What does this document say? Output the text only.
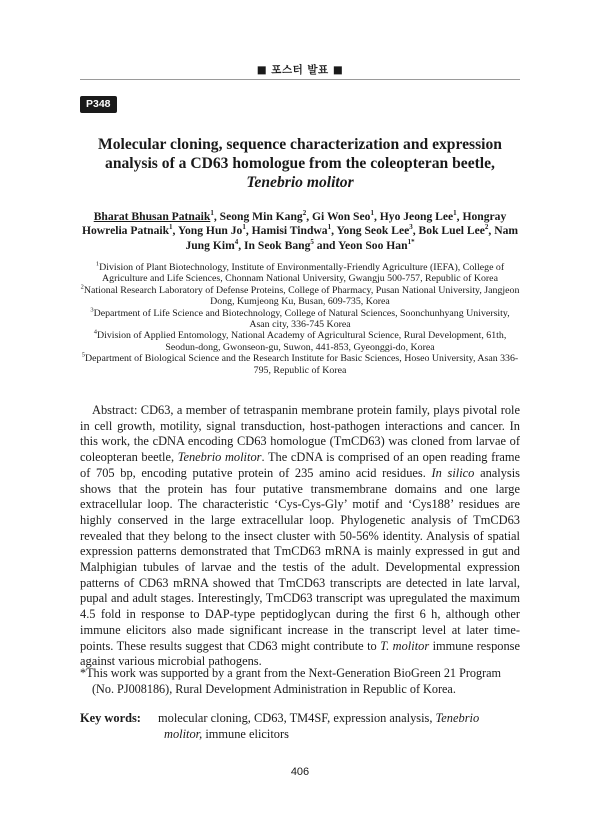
■ 포스터 발표 ■
P348
Molecular cloning, sequence characterization and expression analysis of a CD63 homologue from the coleopteran beetle,
Tenebrio molitor
Bharat Bhusan Patnaik$^1$, Seong Min Kang$^2$, Gi Won Seo$^1$, Hyo Jeong Lee$^1$, Hongray Howrelia Patnaik$^1$, Yong Hun Jo$^1$, Hamisi Tindwa$^1$, Yong Seok Lee$^3$, Bok Luel Lee$^2$, Nam Jung Kim$^4$, In Seok Bang$^5$ and Yeon Soo Han$^{1*}$

$^1$Division of Plant Biotechnology, Institute of Environmentally-Friendly Agriculture (IEFA), College of Agriculture and Life Sciences, Chonnam National University, Gwangju 500-757, Republic of Korea

$^2$National Research Laboratory of Defense Proteins, College of Pharmacy, Pusan National University, Jangjeon Dong, Kumjeong Ku, Busan, 609-735, Korea

$^3$Department of Life Science and Biotechnology, College of Natural Sciences, Soonchunhyang University, Asan city, 336-745 Korea

$^4$Division of Applied Entomology, National Academy of Agricultural Science, Rural Development, 61th, Seodun-dong, Gwonseon-gu, Suwon, 441-853, Gyeonggi-do, Korea

$^5$Department of Biological Science and the Research Institute for Basic Sciences, Hoseo University, Asan 336-795, Republic of Korea

Abstract: CD63, a member of tetraspanin membrane protein family, plays pivotal role in cell growth, motility, signal transduction, host-pathogen interactions and cancer. In this work, the cDNA encoding CD63 homologue (TmCD63) was cloned from larvae of coleopteran beetle, Tenebrio molitor. The cDNA is comprised of an open reading frame of 705 bp, encoding putative protein of 235 amino acid residues. In silico analysis shows that the protein has four putative transmembrane domains and one large extracellular loop. The characteristic ‘Cys-Cys-Gly’ motif and ‘Cys188’ residues are highly conserved in the large extracellular loop. Phylogenetic analysis of TmCD63 revealed that they belong to the insect cluster with 50-56% identity. Analysis of spatial expression patterns demonstrated that TmCD63 mRNA is mainly expressed in gut and Malphigian tubules of larvae and the testis of the adult. Developmental expression patterns of CD63 mRNA showed that TmCD63 transcripts are detected in late larval, pupal and adult stages. Interestingly, TmCD63 transcript was upregulated the maximum 4.5 fold in response to DAP-type peptidoglycan during the first 6 h, although other immune elicitors also made significant increase in the transcript level at later time-points. These results suggest that CD63 might contribute to T. molitor immune response against various microbial pathogens.

*This work was supported by a grant from the Next-Generation BioGreen 21 Program (No. PJ008186), Rural Development Administration in Republic of Korea.

Key words: molecular cloning, CD63, TM4SF, expression analysis, Tenebrio molitor, immune elicitors

406
